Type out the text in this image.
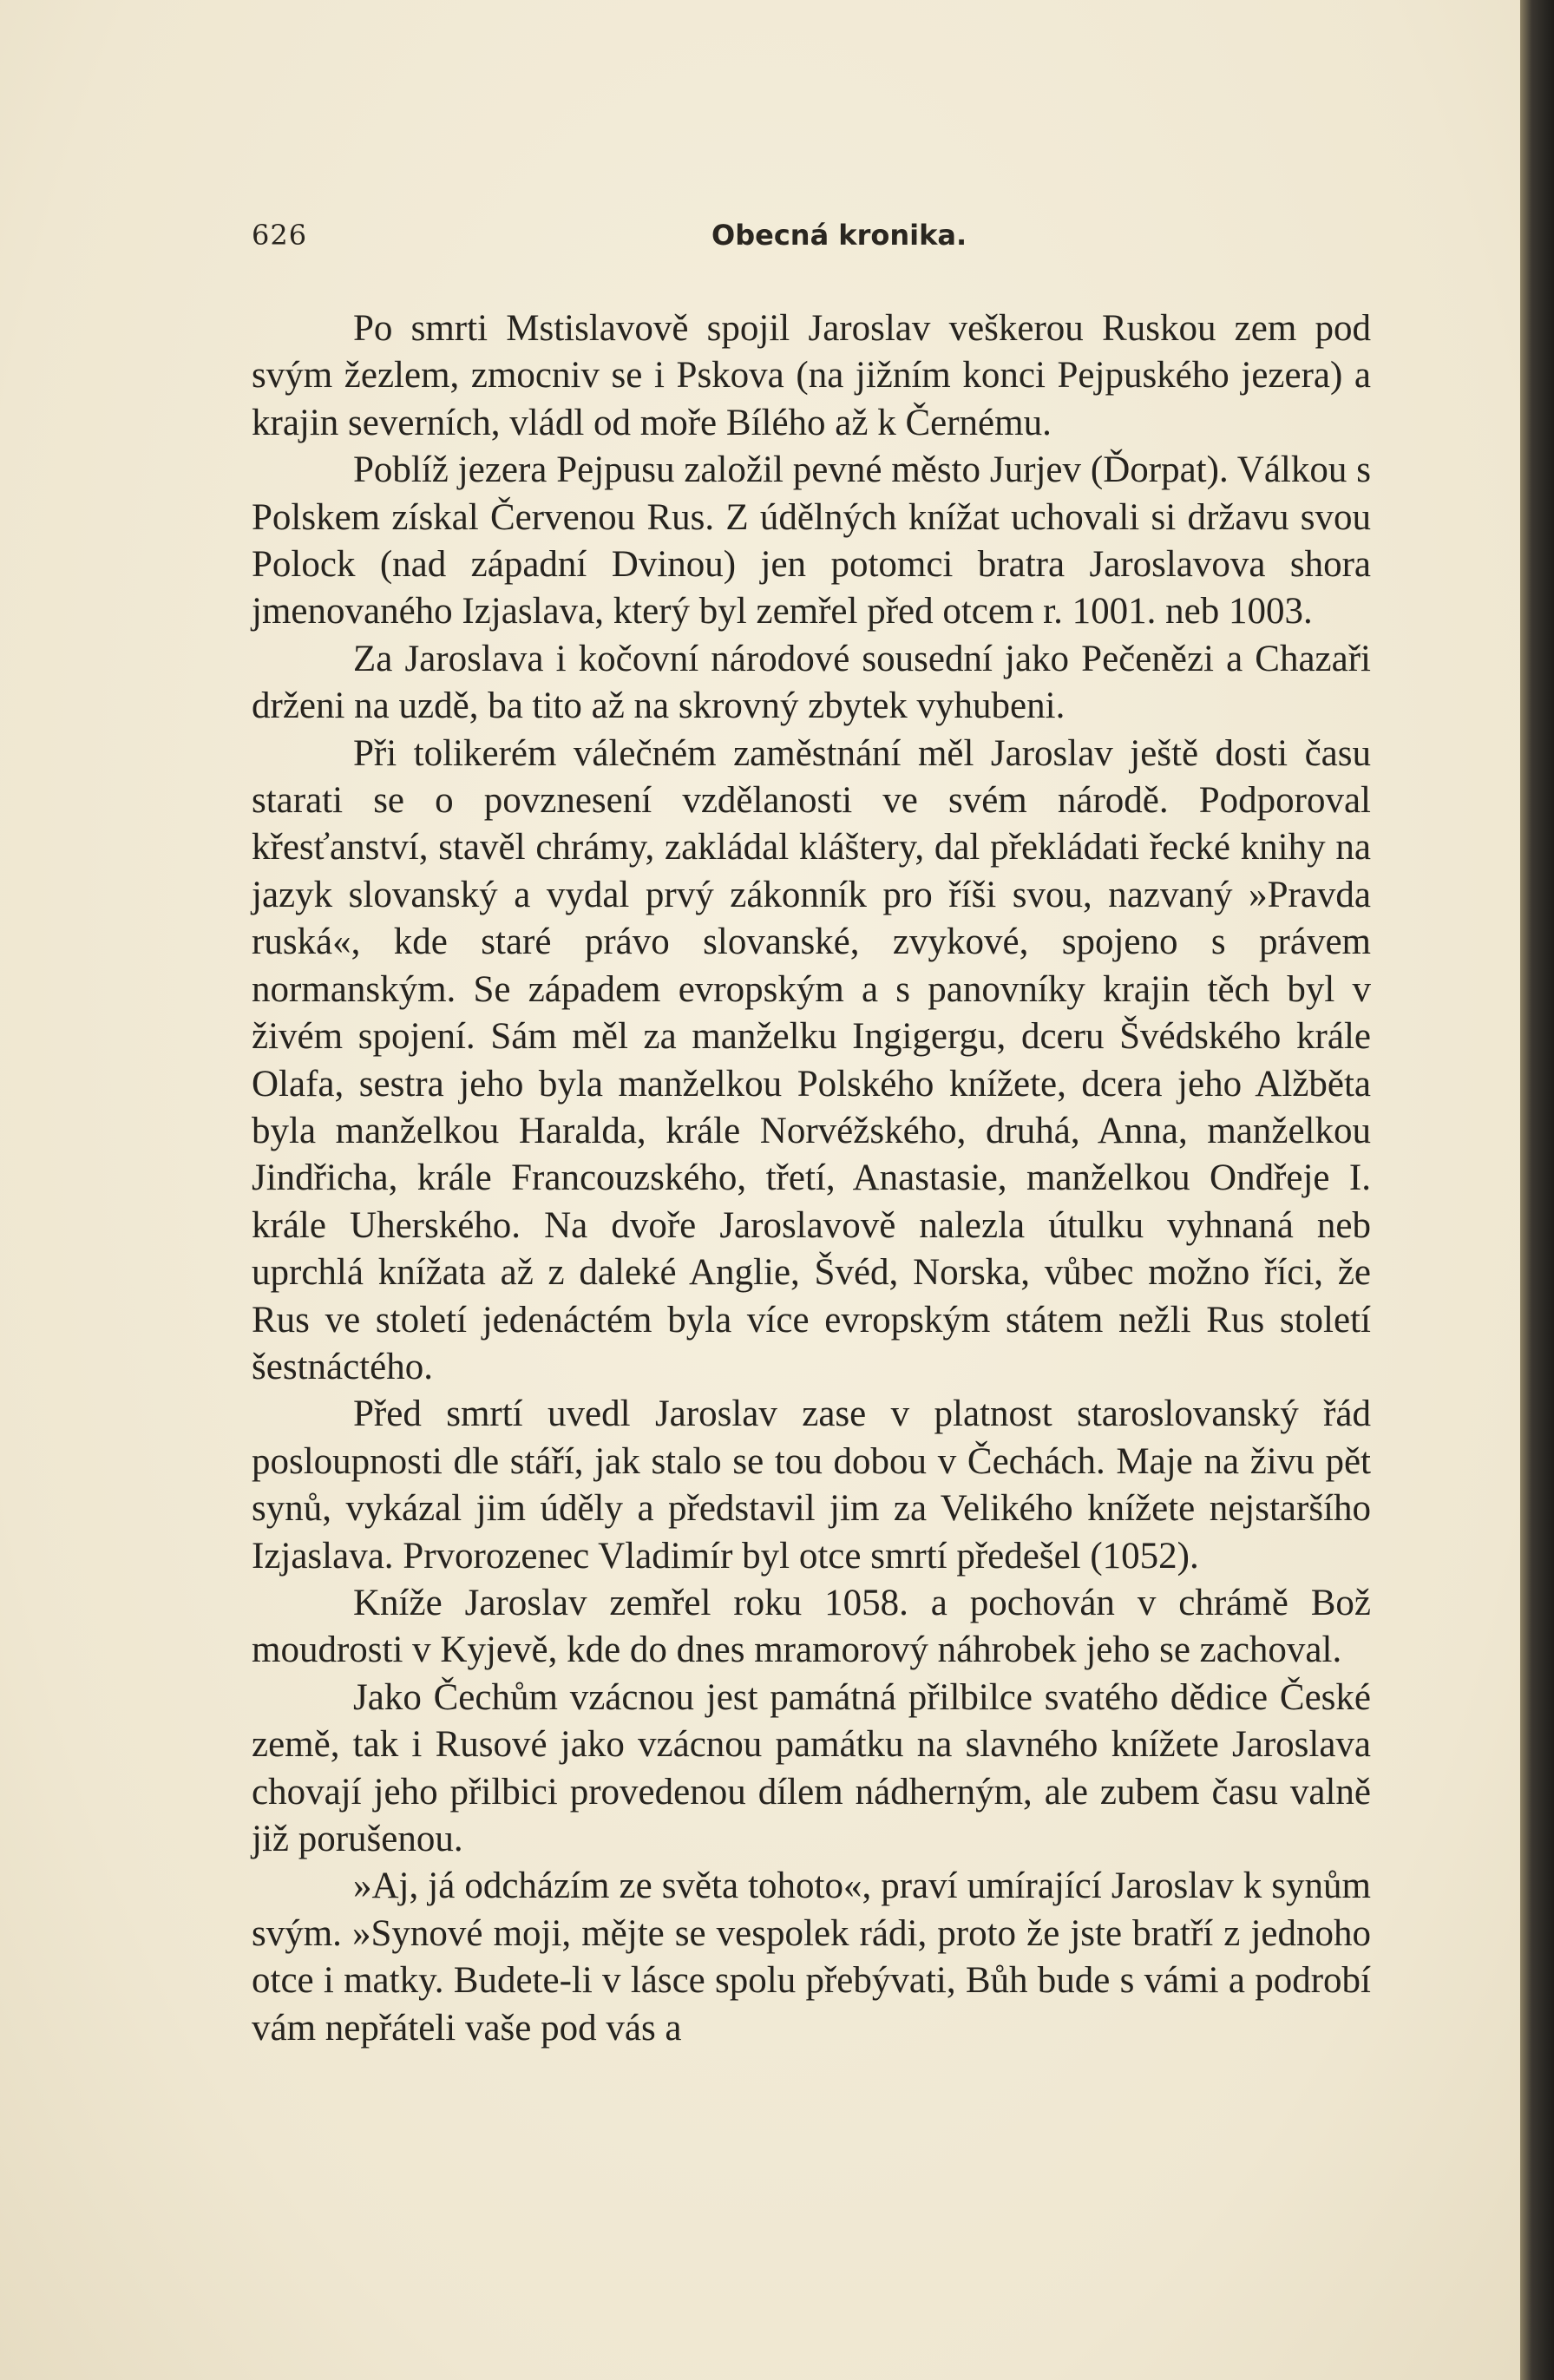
626	Obecná kronika.

Po smrti Mstislavově spojil Jaroslav veškerou Ruskou zem pod svým žezlem, zmocniv se i Pskova (na jižním konci Pejpuského jezera) a krajin severních, vládl od moře Bílého až k Černému.

Poblíž jezera Pejpusu založil pevné město Jurjev (Ďorpat). Válkou s Polskem získal Červenou Rus. Z údělných knížat uchovali si državu svou Polock (nad západní Dvinou) jen potomci bratra Jaroslavova shora jmenovaného Izjaslava, který byl zemřel před otcem r. 1001. neb 1003.

Za Jaroslava i kočovní národové sousední jako Pečenězi a Chazaři drženi na uzdě, ba tito až na skrovný zbytek vyhubeni.

Při tolikerém válečném zaměstnání měl Jaroslav ještě dosti času starati se o povznesení vzdělanosti ve svém národě. Podporoval křesťanství, stavěl chrámy, zakládal kláštery, dal překládati řecké knihy na jazyk slovanský a vydal prvý zákonník pro říši svou, nazvaný »Pravda ruská«, kde staré právo slovanské, zvykové, spojeno s právem normanským. Se západem evropským a s panovníky krajin těch byl v živém spojení. Sám měl za manželku Ingigergu, dceru Švédského krále Olafa, sestra jeho byla manželkou Polského knížete, dcera jeho Alžběta byla manželkou Haralda, krále Norvéžského, druhá, Anna, manželkou Jindřicha, krále Francouzského, třetí, Anastasie, manželkou Ondřeje I. krále Uherského. Na dvoře Jaroslavově nalezla útulku vyhnaná neb uprchlá knížata až z daleké Anglie, Švéd, Norska, vůbec možno říci, že Rus ve století jedenáctém byla více evropským státem nežli Rus století šestnáctého.

Před smrtí uvedl Jaroslav zase v platnost staroslovanský řád posloupnosti dle stáří, jak stalo se tou dobou v Čechách. Maje na živu pět synů, vykázal jim úděly a představil jim za Velikého knížete nejstaršího Izjaslava. Prvorozenec Vladimír byl otce smrtí předešel (1052).

Kníže Jaroslav zemřel roku 1058. a pochován v chrámě Bož moudrosti v Kyjevě, kde do dnes mramorový náhrobek jeho se zachoval.

Jako Čechům vzácnou jest památná přilbilce svatého dědice České země, tak i Rusové jako vzácnou památku na slavného knížete Jaroslava chovají jeho přilbici provedenou dílem nádherným, ale zubem času valně již porušenou.

»Aj, já odcházím ze světa tohoto«, praví umírající Jaroslav k synům svým. »Synové moji, mějte se vespolek rádi, proto že jste bratří z jednoho otce i matky. Budete-li v lásce spolu přebývati, Bůh bude s vámi a podrobí vám nepřáteli vaše pod vás a
